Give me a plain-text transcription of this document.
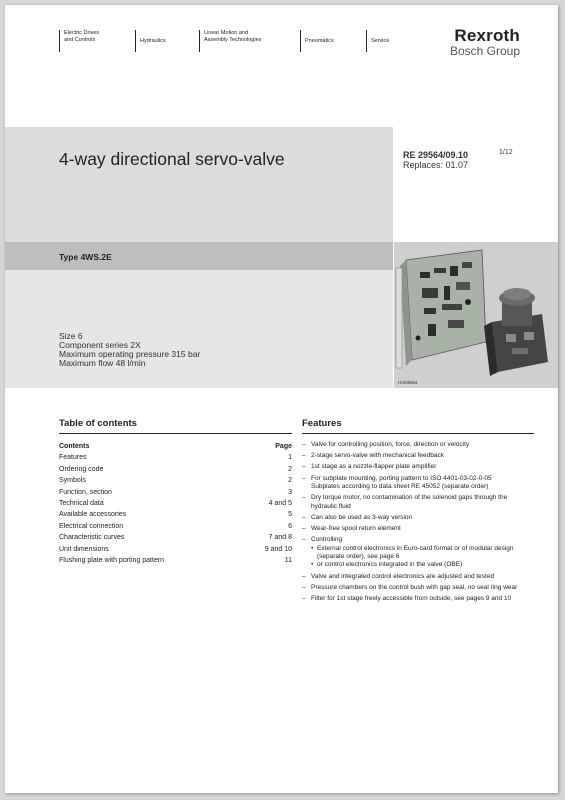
Electric Drives
and Controls	Hydraulics
Linear Motion and
Assembly Technologies	Pneumatics	Service	Rexroth
Bosch Group
4-way directional servo-valve	RE 29564/09.10
Replaces: 01.07
1/12
Type 4WS.2E
Size 6
Component series 2X
Maximum operating pressure 315 bar
Maximum flow 48 l/min
HAD5564
Table of contents	Features
Contents	Page
Features	1
Ordering code	2
Symbols	2
Function, section	3
Technical data	4 and 5
Available accessories	5
Electrical connection	6
Characteristic curves	7 and 8
Unit dimensions	9 and 10
Flushing plate with porting pattern	11
– Valve for controlling position, force, direction or velocity
– 2-stage servo-valve with mechanical feedback
– 1st stage as a nozzle-flapper plate amplifier
– For subplate mounting, porting pattern to ISO 4401-03-02-0-05
Subplates according to data sheet RE 45052 (separate order)
– Dry torque motor, no contamination of the solenoid gaps through the hydraulic fluid
– Can also be used as 3-way version
– Wear-free spool return element
– Controlling
• External control electronics in Euro-card format or of modular design (separate order), see page 6
• or control electronics integrated in the valve (OBE)
– Valve and integrated control electronics are adjusted and tested
– Pressure chambers on the control bush with gap seal, no seal ring wear
– Filter for 1st stage freely accessible from outside, see pages 9 and 10
